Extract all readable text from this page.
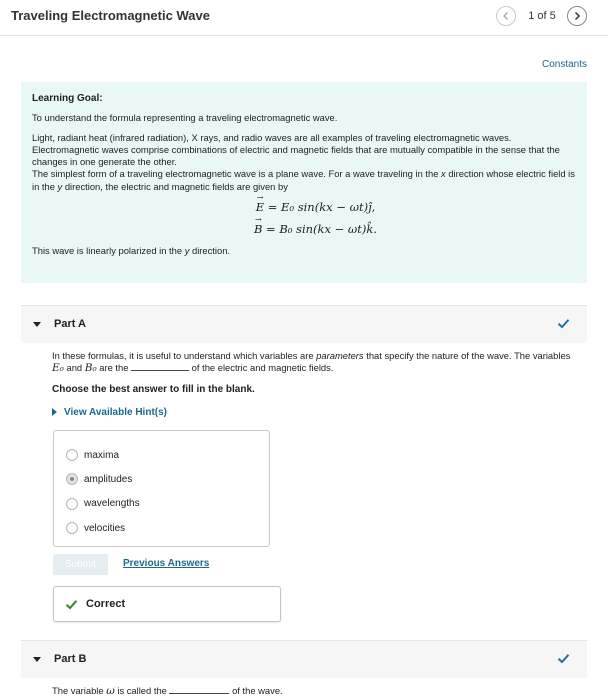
Traveling Electromagnetic Wave	1 of 5
Constants
Learning Goal:

To understand the formula representing a traveling electromagnetic wave.

Light, radiant heat (infrared radiation), X rays, and radio waves are all examples of traveling electromagnetic waves. Electromagnetic waves comprise combinations of electric and magnetic fields that are mutually compatible in the sense that the changes in one generate the other.

The simplest form of a traveling electromagnetic wave is a plane wave. For a wave traveling in the x direction whose electric field is in the y direction, the electric and magnetic fields are given by

→ E = E₀ sin(kx − ωt)ĵ,
→ B = B₀ sin(kx − ωt)k̂.

This wave is linearly polarized in the y direction.

Part A
In these formulas, it is useful to understand which variables are parameters that specify the nature of the wave. The variables E₀ and B₀ are the	of the electric and magnetic fields.
Choose the best answer to fill in the blank.
View Available Hint(s)
maxima
amplitudes
wavelengths
velocities
Submit	Previous Answers
Correct
Part B
The variable ω is called the	of the wave.
